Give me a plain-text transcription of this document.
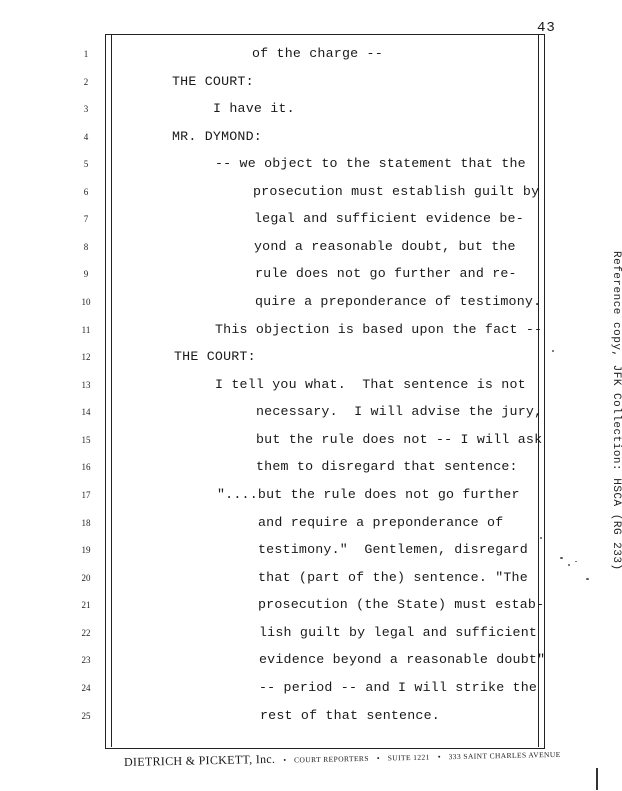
43
1
2
3
4
5
6
7
8
9
10
11
12
13
14
15
16
17
18
19
20
21
22
23
24
25
of the charge --
THE COURT:
I have it.
MR. DYMOND:
-- we object to the statement that the
prosecution must establish guilt by
legal and sufficient evidence be-
yond a reasonable doubt, but the
rule does not go further and re-
quire a preponderance of testimony.
This objection is based upon the fact --
THE COURT:
I tell you what.  That sentence is not
necessary.  I will advise the jury,
but the rule does not -- I will ask
them to disregard that sentence:
"....but the rule does not go further
and require a preponderance of
testimony."  Gentlemen, disregard
that (part of the) sentence. "The
prosecution (the State) must estab-
lish guilt by legal and sufficient
evidence beyond a reasonable doubt"
-- period -- and I will strike the
rest of that sentence.
Reference copy, JFK Collection: HSCA (RG 233)
DIETRICH & PICKETT, Inc. • COURT REPORTERS • SUITE 1221 • 333 SAINT CHARLES AVENUE
